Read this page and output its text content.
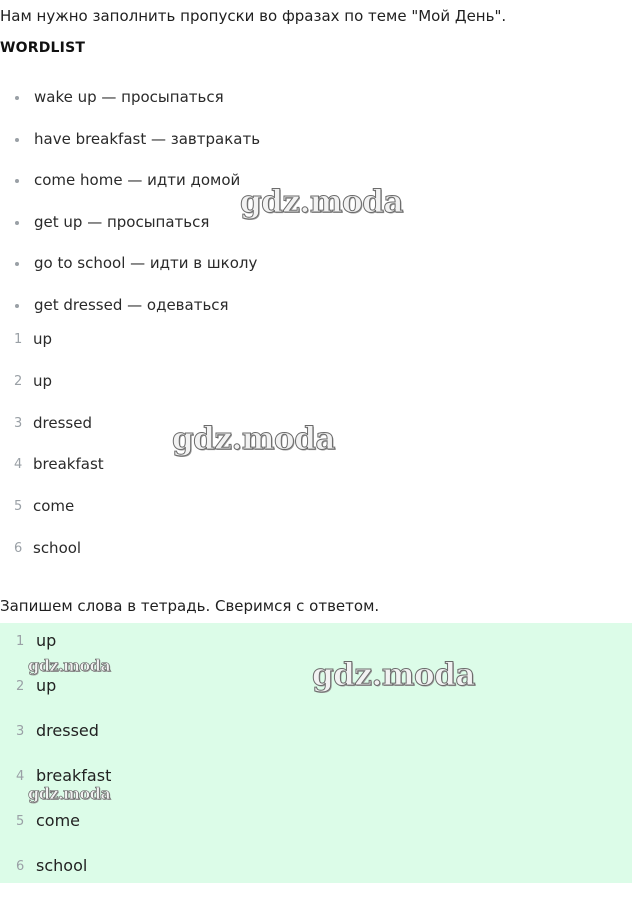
Нам нужно заполнить пропуски во фразах по теме "Мой День".
WORDLIST
wake up — просыпаться
have breakfast — завтракать
come home — идти домой
get up — просыпаться
go to school — идти в школу
get dressed — одеваться
1 up
2 up
3 dressed
4 breakfast
5 come
6 school
Запишем слова в тетрадь. Сверимся с ответом.
1 up
2 up
3 dressed
4 breakfast
5 come
6 school
gdz.moda
gdz.moda
gdz.moda
gdz.moda
gdz.moda
